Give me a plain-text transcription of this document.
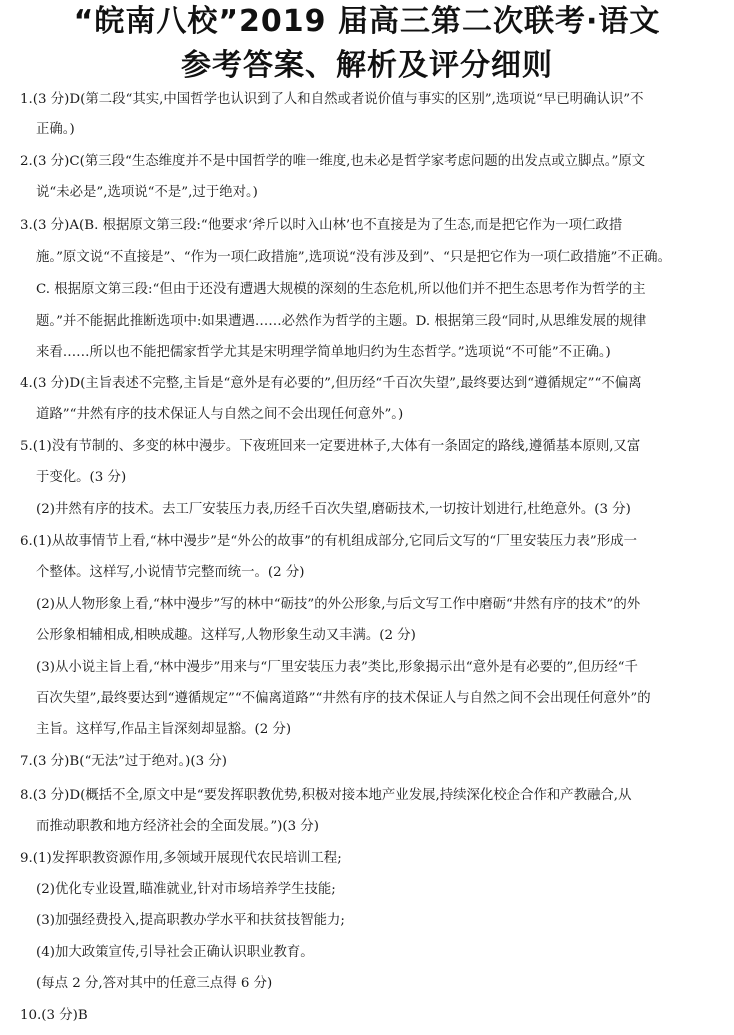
“皖南八校”2019 届高三第二次联考·语文
参考答案、解析及评分细则
1.(3 分)D(第二段“其实,中国哲学也认识到了人和自然或者说价值与事实的区别”,选项说“早已明确认识”不
正确。)
2.(3 分)C(第三段“生态维度并不是中国哲学的唯一维度,也未必是哲学家考虑问题的出发点或立脚点。”原文
说“未必是”,选项说“不是”,过于绝对。)
3.(3 分)A(B. 根据原文第三段:“他要求‘斧斤以时入山林’也不直接是为了生态,而是把它作为一项仁政措
施。”原文说“不直接是”、“作为一项仁政措施”,选项说“没有涉及到”、“只是把它作为一项仁政措施”不正确。
C. 根据原文第三段:“但由于还没有遭遇大规模的深刻的生态危机,所以他们并不把生态思考作为哲学的主
题。”并不能据此推断选项中:如果遭遇……必然作为哲学的主题。D. 根据第三段“同时,从思维发展的规律
来看……所以也不能把儒家哲学尤其是宋明理学简单地归约为生态哲学。”选项说“不可能”不正确。)
4.(3 分)D(主旨表述不完整,主旨是“意外是有必要的”,但历经“千百次失望”,最终要达到“遵循规定”“不偏离
道路”“井然有序的技术保证人与自然之间不会出现任何意外”。)
5.(1)没有节制的、多变的林中漫步。下夜班回来一定要进林子,大体有一条固定的路线,遵循基本原则,又富
于变化。(3 分)
(2)井然有序的技术。去工厂安装压力表,历经千百次失望,磨砺技术,一切按计划进行,杜绝意外。(3 分)
6.(1)从故事情节上看,“林中漫步”是“外公的故事”的有机组成部分,它同后文写的“厂里安装压力表”形成一
个整体。这样写,小说情节完整而统一。(2 分)
(2)从人物形象上看,“林中漫步”写的林中“砺技”的外公形象,与后文写工作中磨砺“井然有序的技术”的外
公形象相辅相成,相映成趣。这样写,人物形象生动又丰满。(2 分)
(3)从小说主旨上看,“林中漫步”用来与“厂里安装压力表”类比,形象揭示出“意外是有必要的”,但历经“千
百次失望”,最终要达到“遵循规定”“不偏离道路”“井然有序的技术保证人与自然之间不会出现任何意外”的
主旨。这样写,作品主旨深刻却显豁。(2 分)
7.(3 分)B(“无法”过于绝对。)(3 分)
8.(3 分)D(概括不全,原文中是“要发挥职教优势,积极对接本地产业发展,持续深化校企合作和产教融合,从
而推动职教和地方经济社会的全面发展。”)(3 分)
9.(1)发挥职教资源作用,多领域开展现代农民培训工程;
(2)优化专业设置,瞄准就业,针对市场培养学生技能;
(3)加强经费投入,提高职教办学水平和扶贫技智能力;
(4)加大政策宣传,引导社会正确认识职业教育。
(每点 2 分,答对其中的任意三点得 6 分)
10.(3 分)B
